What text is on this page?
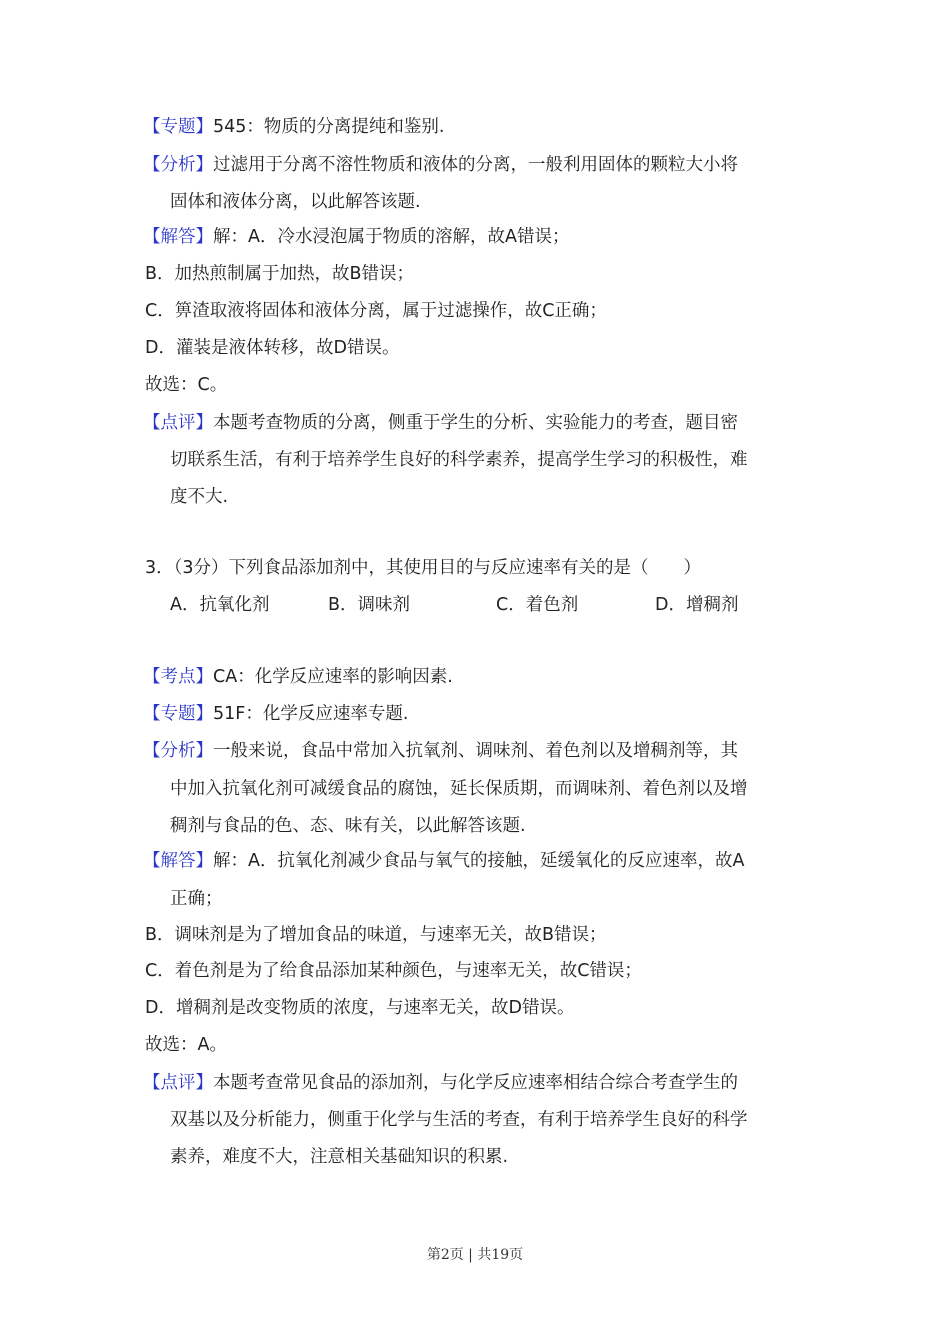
【专题】545：物质的分离提纯和鉴别.
【分析】过滤用于分离不溶性物质和液体的分离，一般利用固体的颗粒大小将
固体和液体分离，以此解答该题.
【解答】解：A．冷水浸泡属于物质的溶解，故A错误；
B．加热煎制属于加热，故B错误；
C．箅渣取液将固体和液体分离，属于过滤操作，故C正确；
D．灌装是液体转移，故D错误。
故选：C。
【点评】本题考查物质的分离，侧重于学生的分析、实验能力的考查，题目密
切联系生活，有利于培养学生良好的科学素养，提高学生学习的积极性，难
度不大.
3．（3分）下列食品添加剂中，其使用目的与反应速率有关的是（　　）
A．抗氧化剂	B．调味剂	C．着色剂	D．增稠剂
【考点】CA：化学反应速率的影响因素.
【专题】51F：化学反应速率专题.
【分析】一般来说，食品中常加入抗氧剂、调味剂、着色剂以及增稠剂等，其
中加入抗氧化剂可减缓食品的腐蚀，延长保质期，而调味剂、着色剂以及增
稠剂与食品的色、态、味有关，以此解答该题.
【解答】解：A．抗氧化剂减少食品与氧气的接触，延缓氧化的反应速率，故A
正确；
B．调味剂是为了增加食品的味道，与速率无关，故B错误；
C．着色剂是为了给食品添加某种颜色，与速率无关，故C错误；
D．增稠剂是改变物质的浓度，与速率无关，故D错误。
故选：A。
【点评】本题考查常见食品的添加剂，与化学反应速率相结合综合考查学生的
双基以及分析能力，侧重于化学与生活的考查，有利于培养学生良好的科学
素养，难度不大，注意相关基础知识的积累.
第2页 | 共19页
